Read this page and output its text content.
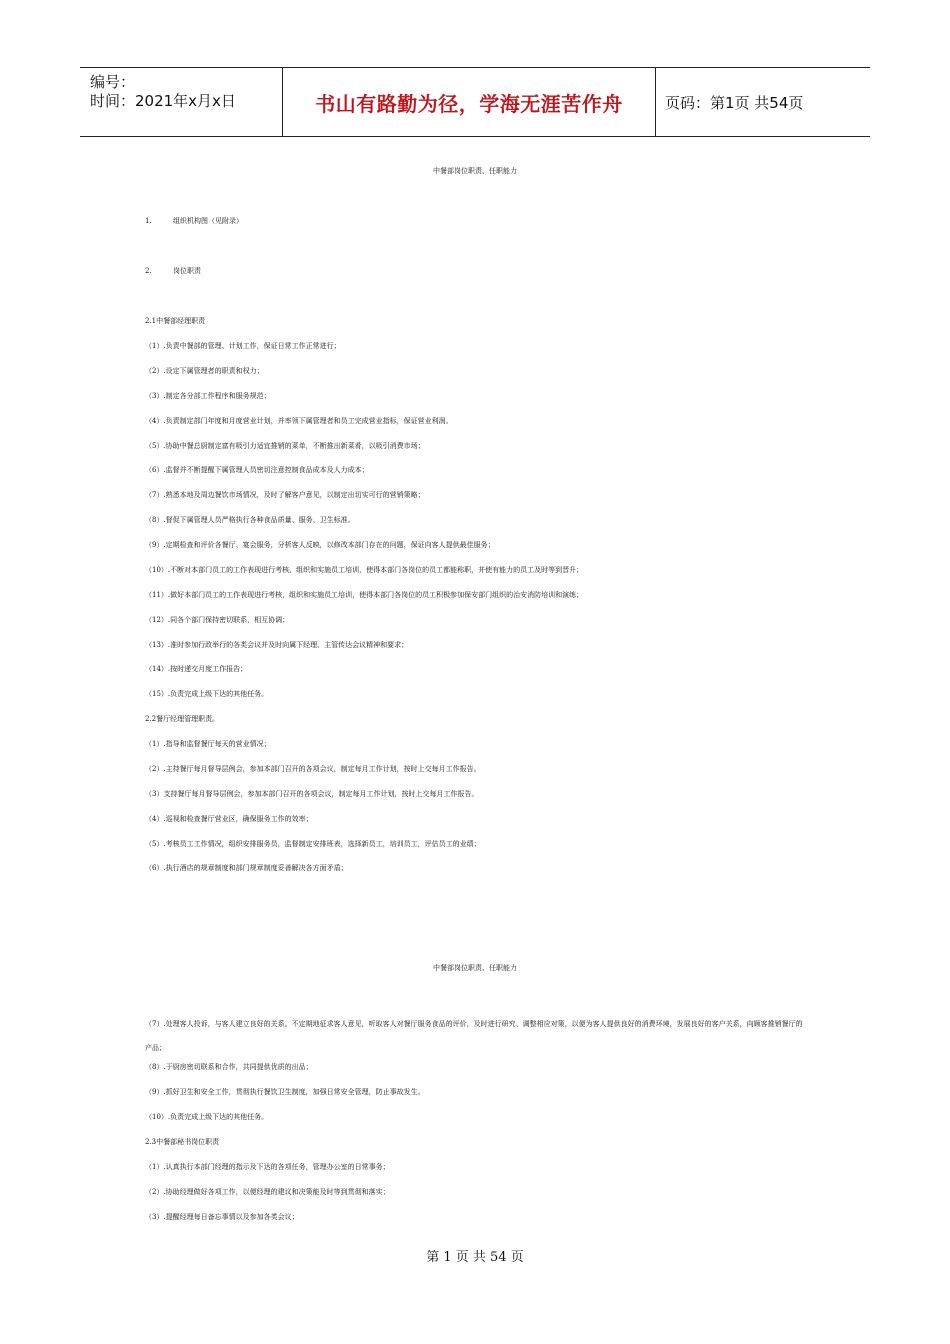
编号：
时间：2021年x月x日	书山有路勤为径，学海无涯苦作舟	页码：第1页 共54页
中餐部岗位职责、任职能力
1.	组织机构图（见附录）
2.	岗位职责
2.1中餐部经理职责
（1）.负责中餐部的管理、计划工作，保证日常工作正常进行；
（2）.设定下属管理者的职责和权力；
（3）.制定各分部工作程序和服务规范；
（4）.负责制定部门年度和月度营业计划，并率领下属管理者和员工完成营业指标，保证营业利润。
（5）.协助中餐总厨制定富有吸引力适宜推销的菜单，不断推出新菜肴，以吸引消费市场；
（6）.监督并不断提醒下属管理人员密切注意控制食品成本及人力成本；
（7）.熟悉本地及周边餐饮市场情况，及时了解客户意见，以制定出切实可行的营销策略；
（8）.督促下属管理人员严格执行各种食品质量、服务、卫生标准。
（9）.定期检查和评价各餐厅、宴会服务，分析客人反映，以修改本部门存在的问题，保证向客人提供最佳服务；
（10）.不断对本部门员工的工作表现进行考核，组织和实施员工培训，使得本部门各岗位的员工都能称职，并使有能力的员工及时等到晋升；
（11）.做好本部门员工的工作表现进行考核，组织和实施员工培训，使得本部门各岗位的员工积极参加保安部门组织的治安消防培训和演练；
（12）.同各个部门保持密切联系，相互协调；
（13）.准时参加行政举行的各类会议并及时向属下经理、主管传达会议精神和要求；
（14）.按时递交月度工作报告；
（15）.负责完成上级下达的其他任务。
2.2餐厅经理管理职责。
（1）.指导和监督餐厅每天的营业情况；
（2）.主持餐厅每月督导层例会，参加本部门召开的各项会议，制定每月工作计划，按时上交每月工作报告。
（3）支持餐厅每月督导层例会，参加本部门召开的各项会议，制定每月工作计划，按时上交每月工作报告。
（4）.巡视和检查餐厅营业区，确保服务工作的效率；
（5）.考核员工工作情况，组织安排服务员，监督制定安排班表，选择新员工，培训员工，评估员工的业绩；
（6）.执行酒店的规章制度和部门规章制度妥善解决各方面矛盾；
中餐部岗位职责、任职能力
（7）.处理客人投诉，与客人建立良好的关系。不定期地征求客人意见，听取客人对餐厅服务食品的评价，及时进行研究、调整相应对策，以便为客人提供良好的消费环境，发展良好的客户关系，向顾客推销餐厅的产品；
（8）.于厨房密切联系和合作，共同提供优质的出品；
（9）.抓好卫生和安全工作，贯彻执行餐饮卫生制度，加强日常安全管理，防止事故发生。
（10）.负责完成上级下达的其他任务。
2.3中餐部秘书岗位职责
（1）.认真执行本部门经理的指示及下达的各项任务，管理办公室的日常事务；
（2）.协助经理做好各项工作，以便经理的建议和决策能及时等到贯彻和落实；
（3）.提醒经理每日备忘事情以及参加各类会议；
第 1 页 共 54 页
